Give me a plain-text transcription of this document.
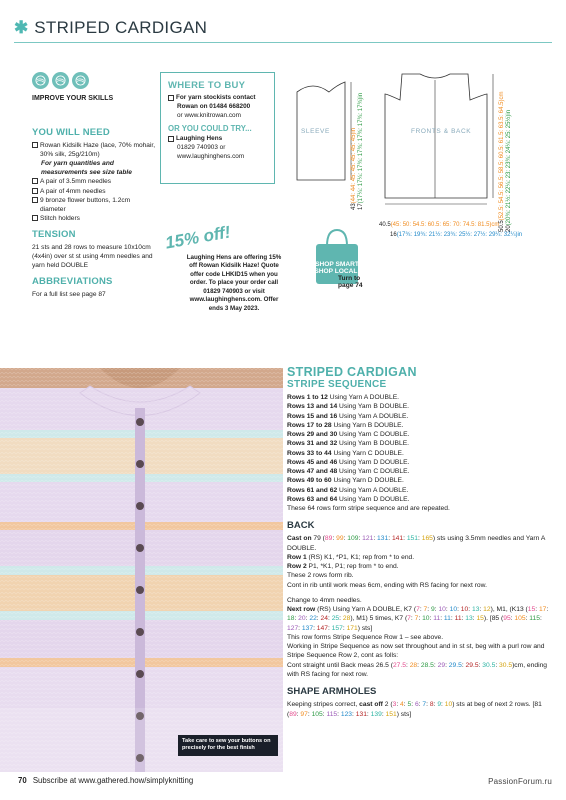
✱ STRIPED CARDIGAN
IMPROVE YOUR SKILLS
YOU WILL NEED
Rowan Kidsilk Haze (lace, 70% mohair, 30% silk, 25g/210m)
For yarn quantities and measurements see size table
A pair of 3.5mm needles
A pair of 4mm needles
9 bronze flower buttons, 1.2cm diameter
Stitch holders
TENSION
21 sts and 28 rows to measure 10x10cm (4x4in) over st st using 4mm needles and yarn held DOUBLE
ABBREVIATIONS
For a full list see page 87
WHERE TO BUY
For yarn stockists contact
Rowan on 01484 668200
or www.knitrowan.com
OR YOU COULD TRY...
Laughing Hens
01829 740903 or
www.laughinghens.com
15% off!
Laughing Hens are offering 15% off Rowan Kidsilk Haze! Quote offer code LHKID15 when you order. To place your order call 01829 740903 or visit www.laughinghens.com. Offer ends 3 May 2023.
SLEEVE	FRONTS & BACK
43(44: 44: 45: 45: 45: 45: 45)in
17(17¼: 17¼: 17¾: 17¾: 17¾: 17¾: 17¾)in
40.5(45: 50: 54.5: 60.5: 65: 70: 74.5: 81.5)cm
16(17¾: 19¾: 21½: 23¾: 25½: 27½: 29¼: 32¼)in
50.5(52.5: 54.5: 56.5: 58.5: 60.5: 61.5: 63.5: 64.5)cm
20(20¾: 21½: 22¼: 23: 23¾: 24¼: 25: 25½)in
SHOP SMART SHOP LOCAL!
Turn to page 74
Take care to sew your buttons on precisely for the best finish
STRIPED CARDIGAN
STRIPE SEQUENCE
Rows 1 to 12 Using Yarn A DOUBLE.
Rows 13 and 14 Using Yarn B DOUBLE.
Rows 15 and 16 Using Yarn A DOUBLE.
Rows 17 to 28 Using Yarn B DOUBLE.
Rows 29 and 30 Using Yarn C DOUBLE.
Rows 31 and 32 Using Yarn B DOUBLE.
Rows 33 to 44 Using Yarn C DOUBLE.
Rows 45 and 46 Using Yarn D DOUBLE.
Rows 47 and 48 Using Yarn C DOUBLE.
Rows 49 to 60 Using Yarn D DOUBLE.
Rows 61 and 62 Using Yarn A DOUBLE.
Rows 63 and 64 Using Yarn D DOUBLE.
These 64 rows form stripe sequence and are repeated.
BACK
Cast on 79 (89: 99: 109: 121: 131: 141: 151: 165) sts using 3.5mm needles and Yarn A DOUBLE.
Row 1 (RS) K1, *P1, K1; rep from * to end.
Row 2 P1, *K1, P1; rep from * to end.
These 2 rows form rib.
Cont in rib until work meas 6cm, ending with RS facing for next row.
Change to 4mm needles.
Next row (RS) Using Yarn A DOUBLE, K7 (7: 7: 9: 10: 10: 10: 13: 12), M1, (K13 (15: 17: 18: 20: 22: 24: 25: 28), M1) 5 times, K7 (7: 7: 10: 11: 11: 11: 13: 15). [85 (95: 105: 115: 127: 137: 147: 157: 171) sts]
This row forms Stripe Sequence Row 1 – see above.
Working in Stripe Sequence as now set throughout and in st st, beg with a purl row and Stripe Sequence Row 2, cont as folls:
Cont straight until Back meas 26.5 (27.5: 28: 28.5: 29: 29.5: 29.5: 30.5: 30.5)cm, ending with RS facing for next row.
SHAPE ARMHOLES
Keeping stripes correct, cast off 2 (3: 4: 5: 6: 7: 8: 9: 10) sts at beg of next 2 rows. [81 (89: 97: 105: 115: 123: 131: 139: 151) sts]
70 Subscribe at www.gathered.how/simplyknitting	PassionForum.ru
